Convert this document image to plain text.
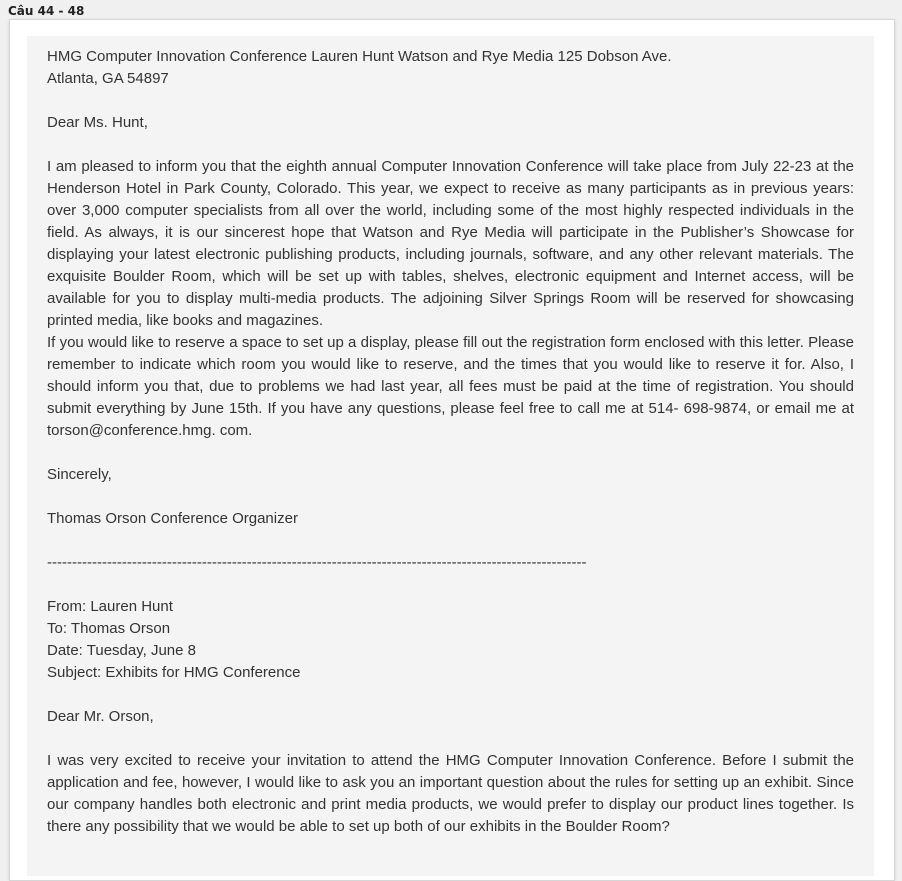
Câu 44 - 48

HMG Computer Innovation Conference Lauren Hunt Watson and Rye Media 125 Dobson Ave.
Atlanta, GA 54897

Dear Ms. Hunt,

I am pleased to inform you that the eighth annual Computer Innovation Conference will take place from July 22-23 at the Henderson Hotel in Park County, Colorado. This year, we expect to receive as many participants as in previous years: over 3,000 computer specialists from all over the world, including some of the most highly respected individuals in the field. As always, it is our sincerest hope that Watson and Rye Media will participate in the Publisher’s Showcase for displaying your latest electronic publishing products, including journals, software, and any other relevant materials. The exquisite Boulder Room, which will be set up with tables, shelves, electronic equipment and Internet access, will be available for you to display multi-media products. The adjoining Silver Springs Room will be reserved for showcasing printed media, like books and magazines.

If you would like to reserve a space to set up a display, please fill out the registration form enclosed with this letter. Please remember to indicate which room you would like to reserve, and the times that you would like to reserve it for. Also, I should inform you that, due to problems we had last year, all fees must be paid at the time of registration. You should submit everything by June 15th. If you have any questions, please feel free to call me at 514- 698-9874, or email me at torson@conference.hmg. com.

Sincerely,

Thomas Orson Conference Organizer

------------------------------------------------------------------------------------------------------------

From: Lauren Hunt
To: Thomas Orson
Date: Tuesday, June 8
Subject: Exhibits for HMG Conference

Dear Mr. Orson,

I was very excited to receive your invitation to attend the HMG Computer Innovation Conference. Before I submit the application and fee, however, I would like to ask you an important question about the rules for setting up an exhibit. Since our company handles both electronic and print media products, we would prefer to display our product lines together. Is there any possibility that we would be able to set up both of our exhibits in the Boulder Room?
